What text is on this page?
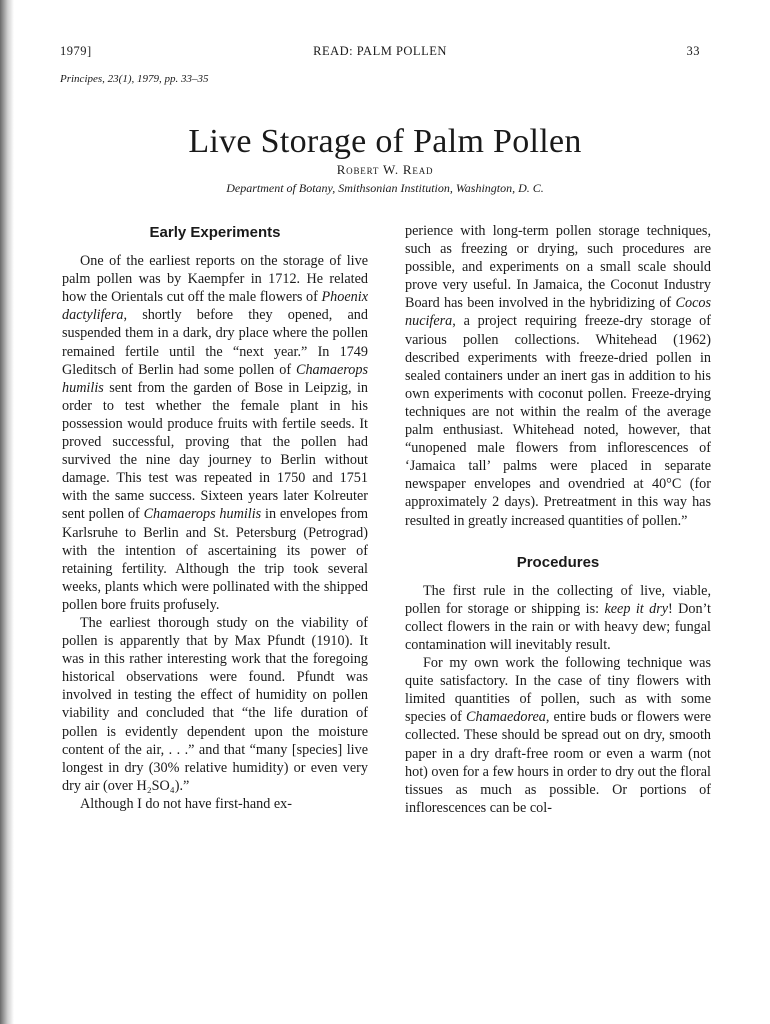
1979]	READ: PALM POLLEN	33
Principes, 23(1), 1979, pp. 33–35
Live Storage of Palm Pollen
Robert W. Read
Department of Botany, Smithsonian Institution, Washington, D. C.
Early Experiments

One of the earliest reports on the storage of live palm pollen was by Kaempfer in 1712. He related how the Orientals cut off the male flowers of Phoenix dactylifera, shortly before they opened, and suspended them in a dark, dry place where the pollen remained fertile until the “next year.” In 1749 Gleditsch of Berlin had some pollen of Chamaerops humilis sent from the garden of Bose in Leipzig, in order to test whether the female plant in his possession would produce fruits with fertile seeds. It proved successful, proving that the pollen had survived the nine day journey to Berlin without damage. This test was repeated in 1750 and 1751 with the same success. Sixteen years later Kolreuter sent pollen of Chamaerops humilis in envelopes from Karlsruhe to Berlin and St. Petersburg (Petrograd) with the intention of ascertaining its power of retaining fertility. Although the trip took several weeks, plants which were pollinated with the shipped pollen bore fruits profusely.

The earliest thorough study on the viability of pollen is apparently that by Max Pfundt (1910). It was in this rather interesting work that the foregoing historical observations were found. Pfundt was involved in testing the effect of humidity on pollen viability and concluded that “the life duration of pollen is evidently dependent upon the moisture content of the air, . . .” and that “many [species] live longest in dry (30% relative humidity) or even very dry air (over H₂SO₄).”

Although I do not have first-hand ex-

perience with long-term pollen storage techniques, such as freezing or drying, such procedures are possible, and experiments on a small scale should prove very useful. In Jamaica, the Coconut Industry Board has been involved in the hybridizing of Cocos nucifera, a project requiring freeze-dry storage of various pollen collections. Whitehead (1962) described experiments with freeze-dried pollen in sealed containers under an inert gas in addition to his own experiments with coconut pollen. Freeze-drying techniques are not within the realm of the average palm enthusiast. Whitehead noted, however, that “unopened male flowers from inflorescences of ‘Jamaica tall’ palms were placed in separate newspaper envelopes and ovendried at 40°C (for approximately 2 days). Pretreatment in this way has resulted in greatly increased quantities of pollen.”

Procedures

The first rule in the collecting of live, viable, pollen for storage or shipping is: keep it dry! Don’t collect flowers in the rain or with heavy dew; fungal contamination will inevitably result.

For my own work the following technique was quite satisfactory. In the case of tiny flowers with limited quantities of pollen, such as with some species of Chamaedorea, entire buds or flowers were collected. These should be spread out on dry, smooth paper in a dry draft-free room or even a warm (not hot) oven for a few hours in order to dry out the floral tissues as much as possible. Or portions of inflorescences can be col-
